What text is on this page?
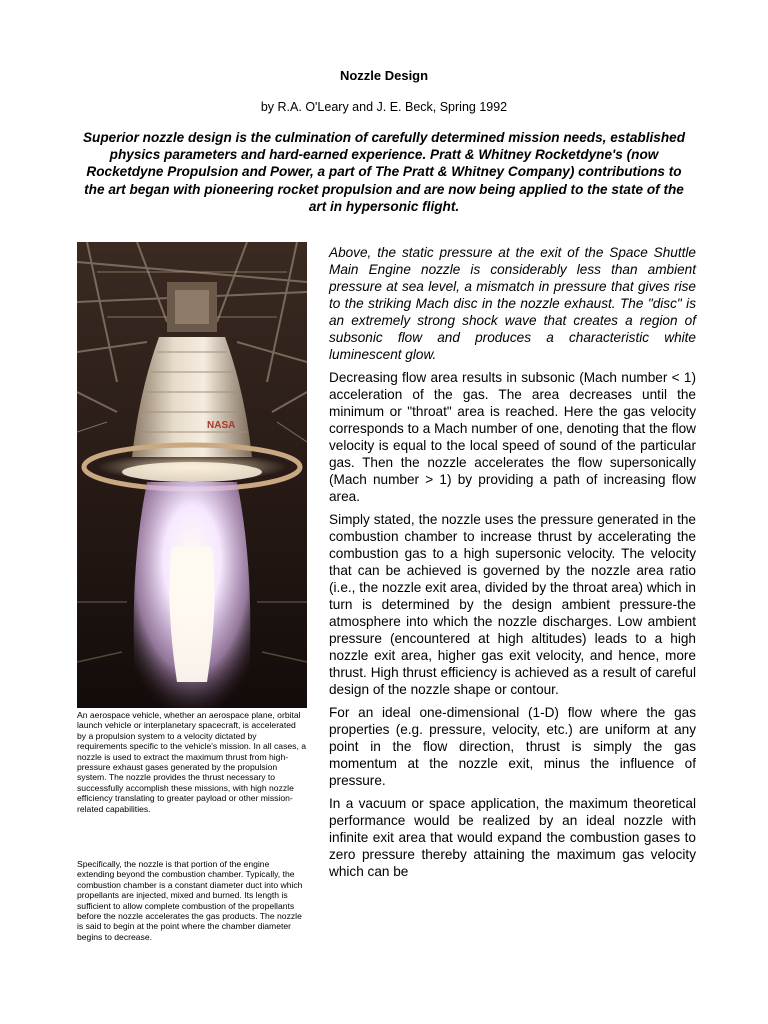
Nozzle Design
by R.A. O'Leary and J. E. Beck, Spring 1992
Superior nozzle design is the culmination of carefully determined mission needs, established physics parameters and hard-earned experience. Pratt & Whitney Rocketdyne's (now Rocketdyne Propulsion and Power, a part of The Pratt & Whitney Company) contributions to the art began with pioneering rocket propulsion and are now being applied to the state of the art in hypersonic flight.
NASA
An aerospace vehicle, whether an aerospace plane, orbital launch vehicle or interplanetary spacecraft, is accelerated by a propulsion system to a velocity dictated by requirements specific to the vehicle's mission. In all cases, a nozzle is used to extract the maximum thrust from high-pressure exhaust gases generated by the propulsion system. The nozzle provides the thrust necessary to successfully accomplish these missions, with high nozzle efficiency translating to greater payload or other mission-related capabilities.
Specifically, the nozzle is that portion of the engine extending beyond the combustion chamber. Typically, the combustion chamber is a constant diameter duct into which propellants are injected, mixed and burned. Its length is sufficient to allow complete combustion of the propellants before the nozzle accelerates the gas products. The nozzle is said to begin at the point where the chamber diameter begins to decrease.

Above, the static pressure at the exit of the Space Shuttle Main Engine nozzle is considerably less than ambient pressure at sea level, a mismatch in pressure that gives rise to the striking Mach disc in the nozzle exhaust. The "disc" is an extremely strong shock wave that creates a region of subsonic flow and produces a characteristic white luminescent glow.

Decreasing flow area results in subsonic (Mach number < 1) acceleration of the gas. The area decreases until the minimum or "throat" area is reached. Here the gas velocity corresponds to a Mach number of one, denoting that the flow velocity is equal to the local speed of sound of the particular gas. Then the nozzle accelerates the flow supersonically (Mach number > 1) by providing a path of increasing flow area.

Simply stated, the nozzle uses the pressure generated in the combustion chamber to increase thrust by accelerating the combustion gas to a high supersonic velocity. The velocity that can be achieved is governed by the nozzle area ratio (i.e., the nozzle exit area, divided by the throat area) which in turn is determined by the design ambient pressure-the atmosphere into which the nozzle discharges. Low ambient pressure (encountered at high altitudes) leads to a high nozzle exit area, higher gas exit velocity, and hence, more thrust. High thrust efficiency is achieved as a result of careful design of the nozzle shape or contour.

For an ideal one-dimensional (1-D) flow where the gas properties (e.g. pressure, velocity, etc.) are uniform at any point in the flow direction, thrust is simply the gas momentum at the nozzle exit, minus the influence of pressure.

In a vacuum or space application, the maximum theoretical performance would be realized by an ideal nozzle with infinite exit area that would expand the combustion gases to zero pressure thereby attaining the maximum gas velocity which can be
